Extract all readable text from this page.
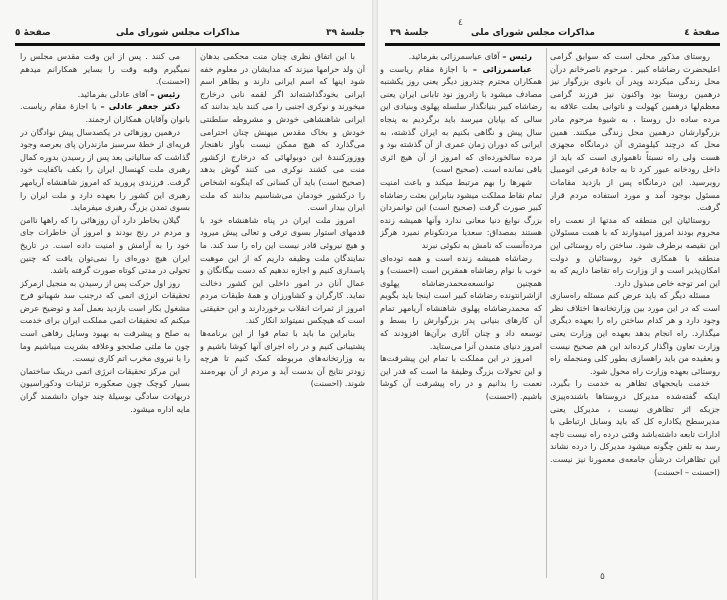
جلسهٔ ٣٩
مذاکرات مجلس شورای ملی
صفحهٔ ٥

با این اتفاق نظری چنان منت محکمی بدهان آن ولد حرامها میزند که مدایشان در معلوم خفه شود اینها که اسم ایرانی دارند و بظاهر اسم ایرانی بخودگذاشته‌اند اگر لقمه نانی درخارج میخورند و نوکری اجنبی را می کنند باید بدانند که ایرانی شاهنشاهی خودش و مشروطه سلطنتی خودش و بخاک مقدس میهنش چنان احترامی می‌گذارد که هیچ ممکن نیست بآواز ناهنجار ووزوزکنندهٔ این دوبولها‌ئی که درخارج ازکشور منت می کشند نوکری می کنند گوش بدهد (صحیح است) باید آن کسانی که اینگونه اشخاص را درکشور خودمان می‌شناسیم بدانند که ملت ایران بیدار است.

امروز ملت ایران در پناه شاهنشاه خود با قدمهای استوار بسوی ترقی و تعالی پیش میرود و هیچ نیروئی قادر نیست این راه را سد کند. ما نمایندگان ملت وظیفه داریم که از این موهبت پاسداری کنیم و اجازه ندهیم که دست بیگانگان و عمال آنان در امور داخلی این کشور دخالت نماید. کارگران و کشاورزان و همهٔ طبقات مردم امروز از ثمرات انقلاب برخوردارند و این حقیقتی است که هیچکس نمیتواند انکار کند.

بنابراین ما باید با تمام قوا از این برنامه‌ها پشتیبانی کنیم و در راه اجرای آنها کوشا باشیم و به وزارتخانه‌های مربوطه کمک کنیم تا هرچه زودتر نتایج آن بدست آید و مردم از آن بهره‌مند شوند. (احسنت)

می کنند . پس از این وقت مقدس مجلس را نمیگیرم وقبه وقت را بسایر همکارانم میدهم (احسنت).

رئیس – آقای عادلی بفرمائید.

دکتر جعفر عادلی – با اجازهٔ مقام ریاست. بانوان وآقایان همکاران ارجمند.

درهمین روزهائی در یکصدسال پیش نوادگان در قریه‌ای از خطهٔ سرسبز مازندران پای بعرصه وجود گذاشت که سالیانی بعد پس از رسیدن بدوره کمال رهبری ملت کهنسال ایران را بکف باکفایت خود گرفت. فرزندی پرورید که امروز شاهنشاه آریامهر رهبری این کشور را بعهده دارد و ملت ایران را بسوی تمدن بزرگ رهبری میفرماید.

گیلان بخاطر دارد آن روزهائی را که راهها ناامن و مردم در رنج بودند و امروز آن خاطرات جای خود را به آرامش و امنیت داده است. در تاریخ ایران هیچ دوره‌ای را نمی‌توان یافت که چنین تحولی در مدتی کوتاه صورت گرفته باشد.

روز اول حرکت پس از رسیدن به منجیل ازمرکز تحقیقات انرژی اتمی که درجنب سد شهبانو فرح مشغول بکار است بازدید بعمل آمد و توضیح عرض میکنم که تحقیقات اتمی مملکت ایران برای خدمت به صلح و پیشرفت به بهبود وسایل رفاهی است چون ما ملتی صلحجو وعلاقه بشریت میباشیم وما را با نیروی مخرب اتم کاری نیست.

این مرکز تحقیقات انرژی اتمی درینک ساختمان بسیار کوچک چون صعکوره تزئینات ودکوراسیون دربهادت سادگی بوسیلهٔ چند جوان دانشمند گران مایه اداره میشود.

٤
صفحهٔ ٤
مذاکرات مجلس شورای ملی
جلسهٔ ٣٩

روستای مذکور محلی است که سوابق گرامی اعلیحضرت رضاشاه کبیر . مرحوم ناصرخانم درآن محل زندگی میکردند وپدر آن بانوی بزرگوار نیز درهمین روستا بود واکنون نیز فرزند گرامی معظم‌لها درهمین کهولت و ناتوانی بعلت علاقه به مرده ساده دل روستا ، به شیوهٔ مرحوم مادر بزرگوارشان درهمین محل زندگی میکنند. همین محل که درچند کیلومتری آن درمانگاه مجهزی هست ولی راه نسبتاً ناهمواری است که باید از داخل رودخانه عبور کرد تا به جادهٔ فرعی اتومبیل روبرسید. این درمانگاه پس از بازدید مقامات مسئول بوجود آمد و مورد استفاده مردم قرار گرفت.

روستائیان این منطقه که مدتها از نعمت راه محروم بودند امروز امیدوارند که با همت مسئولان این نقیصه برطرف شود. ساختن راه روستائی این منطقه با همکاری خود روستائیان و دولت امکان‌پذیر است و از وزارت راه تقاضا داریم که به این امر توجه خاص مبذول دارد.

مسئله دیگر که باید عرض کنم مسئله راه‌سازی است که در این مورد بین وزارتخانه‌ها اختلاف نظر وجود دارد و هر کدام ساختن راه را بعهده دیگری میگذارد. راه انجام بدهد بعهده این وزارت یعنی وزارت تعاون واگذار کرده‌اند این هم صحیح نیست و بعقیده من باید راهسازی بطور کلی ومنجمله راه روستائی بعهده وزارت راه محول شود.

خدمت بایحجهای تظاهر به خدمت را بگیرد، اینکه گفته‌شده مدیرکل دروستاها باشنده‌پیزی جزیکه اثر تظاهری نیست ، مدیرکل یعنی مدیرسطح یکاداره کل که باید وسایل ارتباطی با ادارات تابعه داشته‌باشد وقتی درده راه نیست تاچه رسد به تلفن چگونه میشود مدیرکل را درده نشاند این تظاهرات درشأن جامعه‌ی معمورنا نیز نیست. (احسنت – احسنت)

رئیس – آقای عباسمرزائی بفرمائید.

عباسمرزائی – با اجازهٔ مقام ریاست و همکاران محترم چندروز دیگر یعنی روز یکشنبه مصادف میشود با زادروز نود تابانی ایران یعنی رضاشاه کبیر بنیانگذار سلسله پهلوی وبنیادی این سالی که بپایان میرسد باید برگردیم به پنجاه سال پیش و نگاهی بکنیم به ایران گذشته، به ایرانی که دوران زمان عمری از آن گذشته بود و مرده سالخورده‌ای که امروز از آن هیچ اثری باقی نمانده است. (صحیح است)

شهرها را بهم مرتبط میکند و باعث امنیت تمام نقاط مملکت میشود بنابراین بعثت رضاشاه کبیر صورت گرفت (صحیح است) این توانمردان بزرگ نوابغ دنیا معانی ندارد وآنها همیشه زنده هستند بمصداق: سعدیا مردنکونام نمیرد هرگز مرده‌آنست که نامش به نکوئی نبرند

رضاشاه همیشه زنده است و همه توده‌ای خوب با نوام رضاشاه همقرین است (احسنت) و همچنین توانسعه‌محمدرضاشاه پهلوی ازاشرانتونده رضاشاه کبیر است اینجا باید بگویم که محمدرضاشاه پهلوی شاهنشاه آریامهر تمام آن کارهای بنیانی پدر بزرگوارش را بسط و توسعه داد و چنان آثاری برآن‌ها افزودند که امروز دنیای متمدن آنرا می‌ستاید.

امروز در این مملکت با تمام این پیشرفت‌ها و این تحولات بزرگ وظیفهٔ ما است که قدر این نعمت را بدانیم و در راه پیشرفت آن کوشا باشیم. (احسنت)

٥
